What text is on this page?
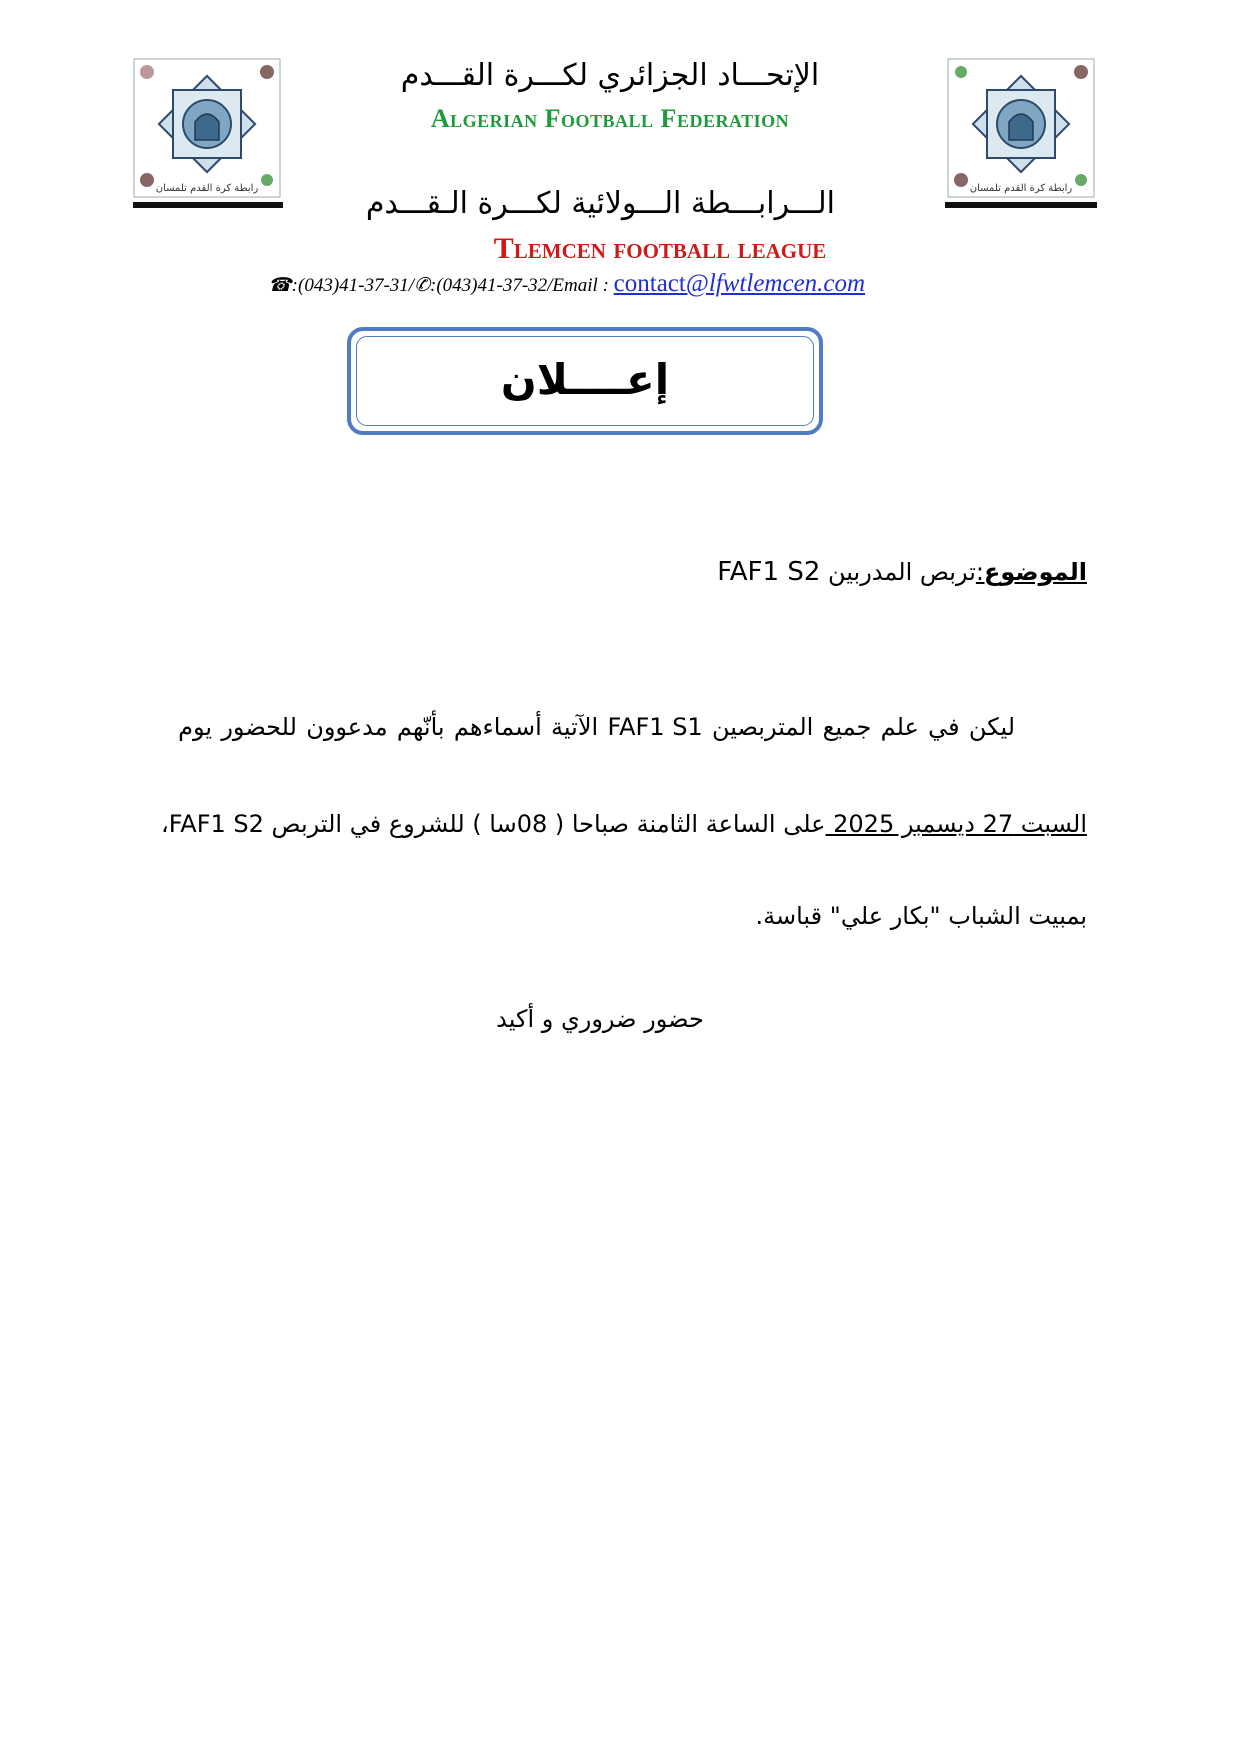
رابطة كرة القدم تلمسان	رابطة كرة القدم تلمسان
الإتحـــاد الجزائري لكـــرة القـــدم
Algerian Football Federation
الـــرابـــطة الـــولائية لكـــرة الـقـــدم
Tlemcen football league
☎:(043)41-37-31/✆:(043)41-37-32/Email : contact@lfwtlemcen.com
إعــــلان
الموضوع:تربص المدربين FAF1 S2
ليكن
في
علم
جميع
المتربصين
FAF1 S1
الآتية
أسماءهم
بأنّهم
مدعوون
للحضور
يوم
السبت 27 ديسمبر 2025 على الساعة الثامنة صباحا ( 08سا ) للشروع في التربص FAF1 S2،
بمبيت الشباب "بكار علي" قباسة.
حضور ضروري و أكيد
